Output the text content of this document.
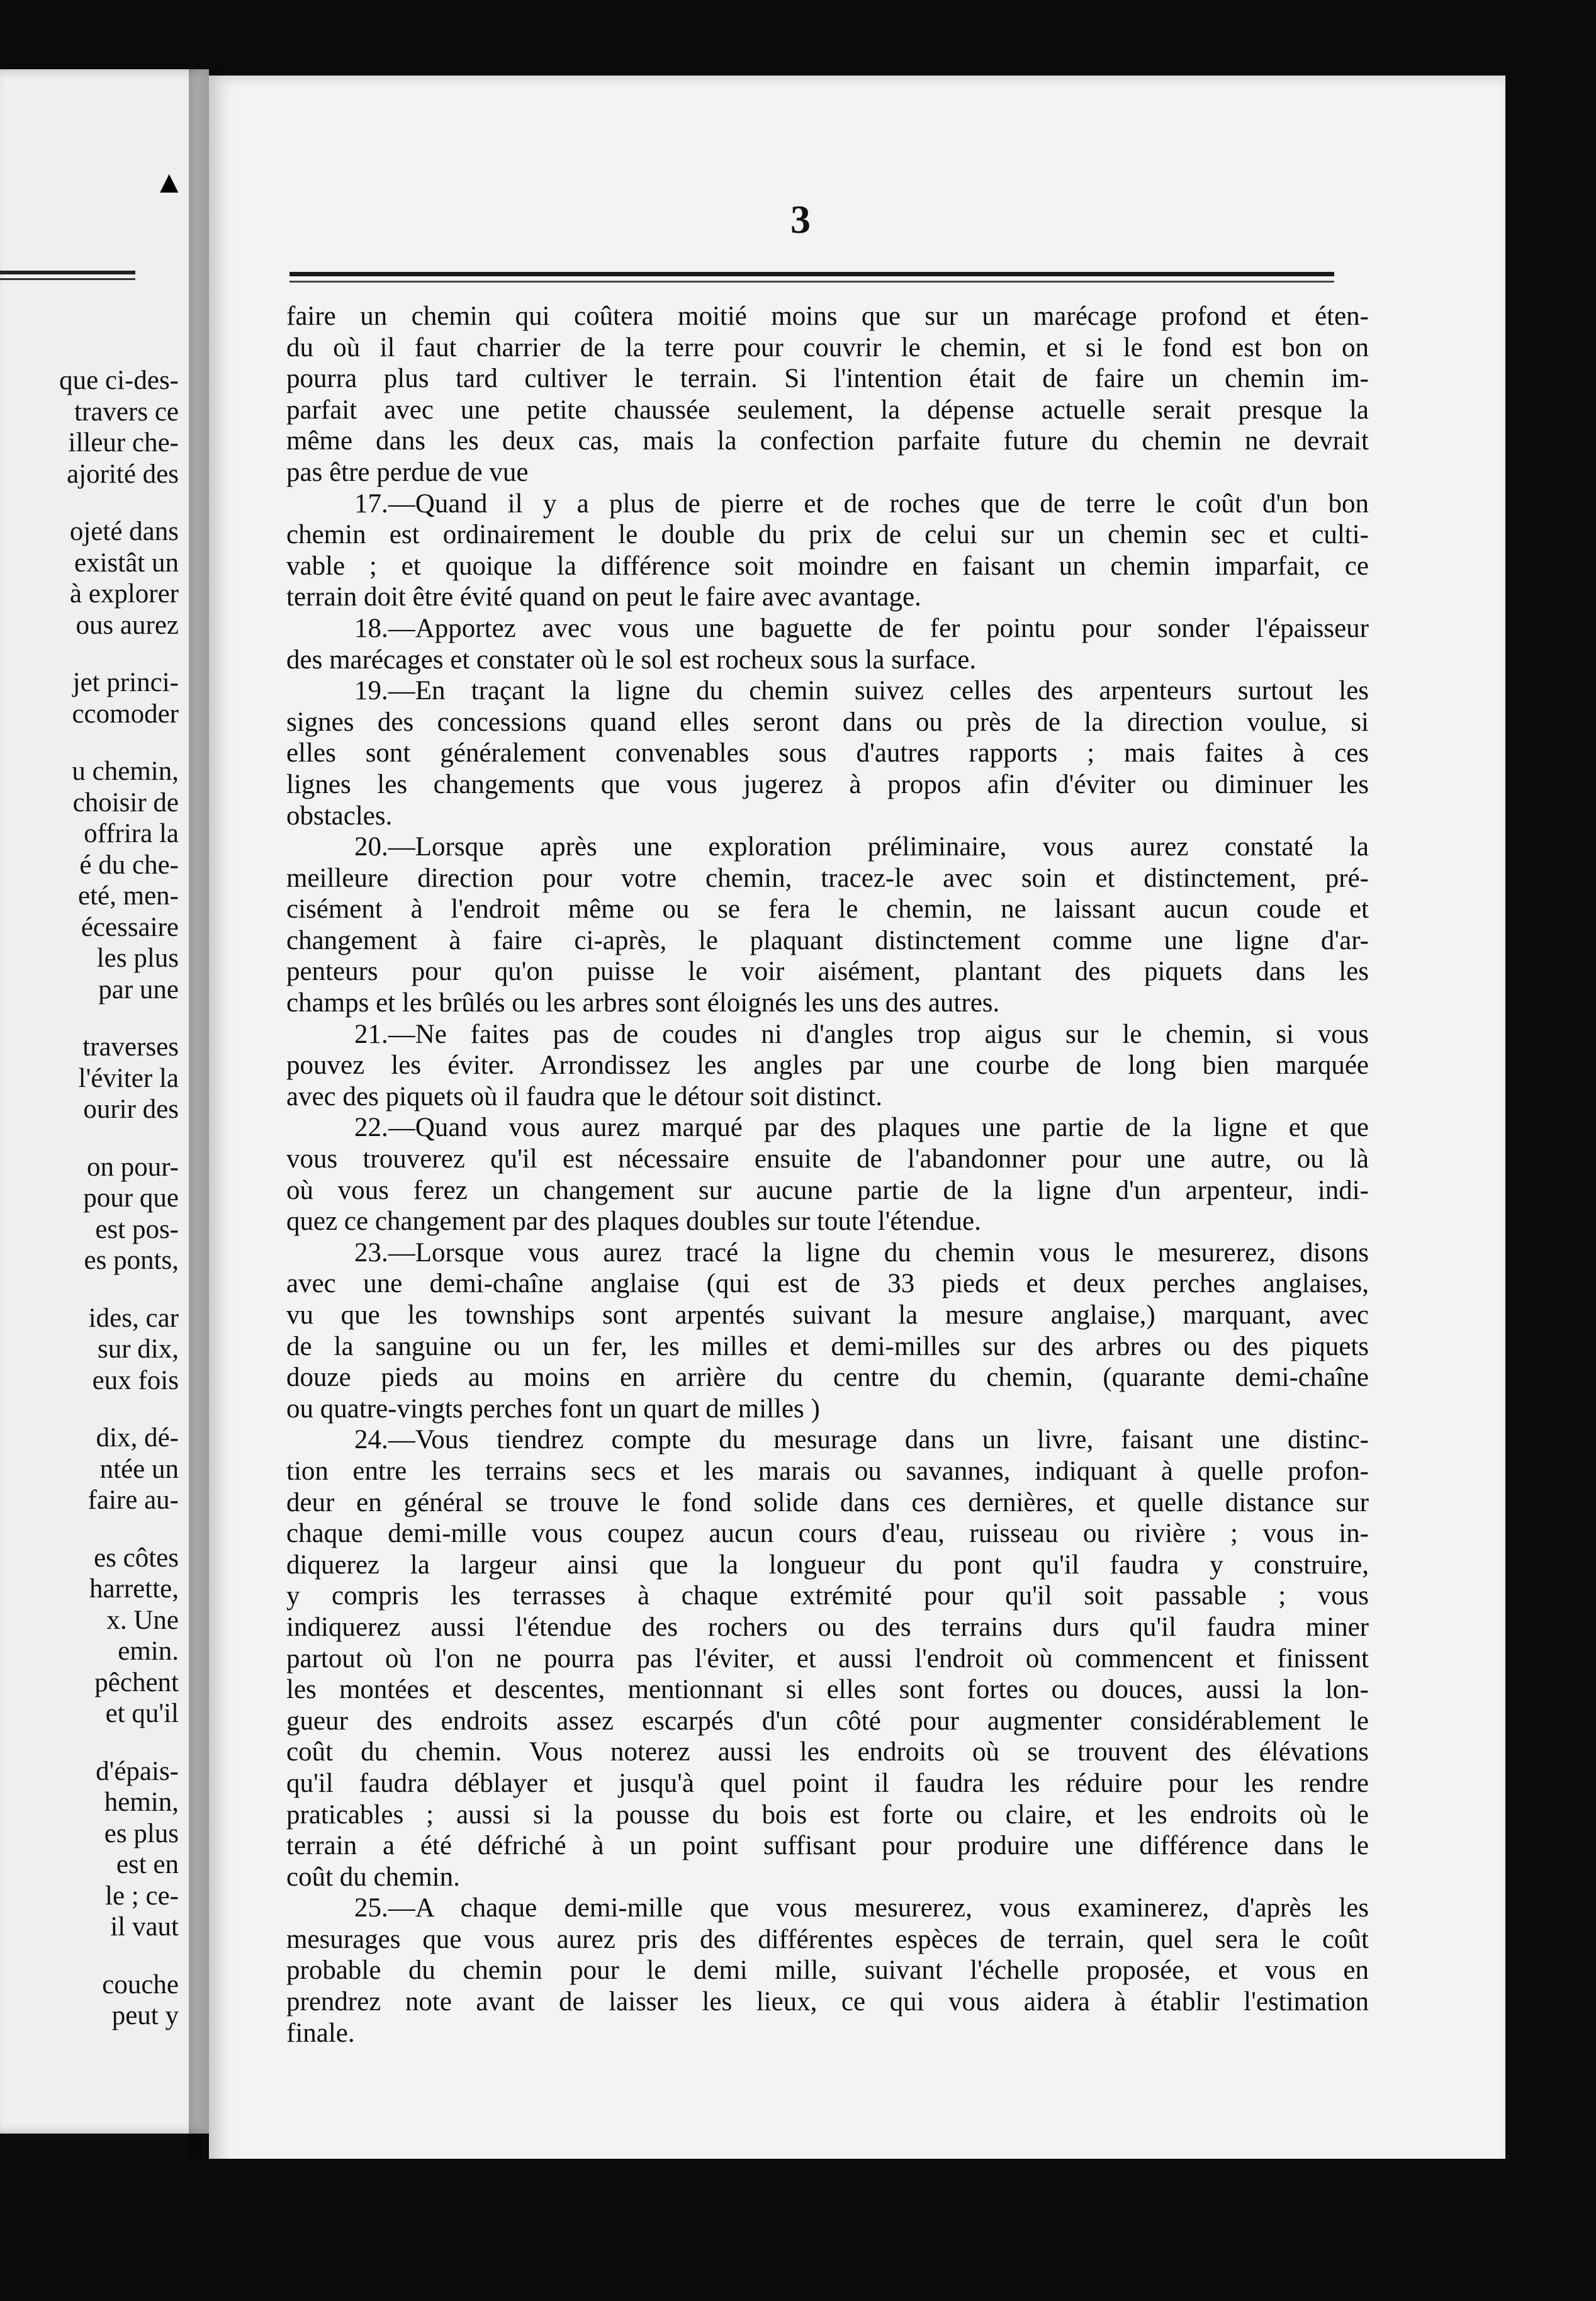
▲
que ci-des-
travers ce
illeur che-
ajorité des
ojeté dans
existât un
à explorer
ous aurez
jet princi-
ccomoder
u chemin,
choisir de
offrira la
é du che-
eté, men-
écessaire
les plus
par une
traverses
l'éviter la
ourir des
on pour-
pour que
est pos-
es ponts,
ides, car
sur dix,
eux fois
dix, dé-
ntée un
faire au-
es côtes
harrette,
x. Une
emin.
pêchent
et qu'il
d'épais-
hemin,
es plus
est en
le ; ce-
il vaut
couche
peut y
3
faire un chemin qui coûtera moitié moins que sur un marécage profond et éten-
du où il faut charrier de la terre pour couvrir le chemin, et si le fond est bon on
pourra plus tard cultiver le terrain. Si l'intention était de faire un chemin im-
parfait avec une petite chaussée seulement, la dépense actuelle serait presque la
même dans les deux cas, mais la confection parfaite future du chemin ne devrait
pas être perdue de vue
17.—Quand il y a plus de pierre et de roches que de terre le coût d'un bon
chemin est ordinairement le double du prix de celui sur un chemin sec et culti-
vable ; et quoique la différence soit moindre en faisant un chemin imparfait, ce
terrain doit être évité quand on peut le faire avec avantage.
18.—Apportez avec vous une baguette de fer pointu pour sonder l'épaisseur
des marécages et constater où le sol est rocheux sous la surface.
19.—En traçant la ligne du chemin suivez celles des arpenteurs surtout les
signes des concessions quand elles seront dans ou près de la direction voulue, si
elles sont généralement convenables sous d'autres rapports ; mais faites à ces
lignes les changements que vous jugerez à propos afin d'éviter ou diminuer les
obstacles.
20.—Lorsque après une exploration préliminaire, vous aurez constaté la
meilleure direction pour votre chemin, tracez-le avec soin et distinctement, pré-
cisément à l'endroit même ou se fera le chemin, ne laissant aucun coude et
changement à faire ci-après, le plaquant distinctement comme une ligne d'ar-
penteurs pour qu'on puisse le voir aisément, plantant des piquets dans les
champs et les brûlés ou les arbres sont éloignés les uns des autres.
21.—Ne faites pas de coudes ni d'angles trop aigus sur le chemin, si vous
pouvez les éviter. Arrondissez les angles par une courbe de long bien marquée
avec des piquets où il faudra que le détour soit distinct.
22.—Quand vous aurez marqué par des plaques une partie de la ligne et que
vous trouverez qu'il est nécessaire ensuite de l'abandonner pour une autre, ou là
où vous ferez un changement sur aucune partie de la ligne d'un arpenteur, indi-
quez ce changement par des plaques doubles sur toute l'étendue.
23.—Lorsque vous aurez tracé la ligne du chemin vous le mesurerez, disons
avec une demi-chaîne anglaise (qui est de 33 pieds et deux perches anglaises,
vu que les townships sont arpentés suivant la mesure anglaise,) marquant, avec
de la sanguine ou un fer, les milles et demi-milles sur des arbres ou des piquets
douze pieds au moins en arrière du centre du chemin, (quarante demi-chaîne
ou quatre-vingts perches font un quart de milles )
24.—Vous tiendrez compte du mesurage dans un livre, faisant une distinc-
tion entre les terrains secs et les marais ou savannes, indiquant à quelle profon-
deur en général se trouve le fond solide dans ces dernières, et quelle distance sur
chaque demi-mille vous coupez aucun cours d'eau, ruisseau ou rivière ; vous in-
diquerez la largeur ainsi que la longueur du pont qu'il faudra y construire,
y compris les terrasses à chaque extrémité pour qu'il soit passable ; vous
indiquerez aussi l'étendue des rochers ou des terrains durs qu'il faudra miner
partout où l'on ne pourra pas l'éviter, et aussi l'endroit où commencent et finissent
les montées et descentes, mentionnant si elles sont fortes ou douces, aussi la lon-
gueur des endroits assez escarpés d'un côté pour augmenter considérablement le
coût du chemin. Vous noterez aussi les endroits où se trouvent des élévations
qu'il faudra déblayer et jusqu'à quel point il faudra les réduire pour les rendre
praticables ; aussi si la pousse du bois est forte ou claire, et les endroits où le
terrain a été défriché à un point suffisant pour produire une différence dans le
coût du chemin.
25.—A chaque demi-mille que vous mesurerez, vous examinerez, d'après les
mesurages que vous aurez pris des différentes espèces de terrain, quel sera le coût
probable du chemin pour le demi mille, suivant l'échelle proposée, et vous en
prendrez note avant de laisser les lieux, ce qui vous aidera à établir l'estimation
finale.
